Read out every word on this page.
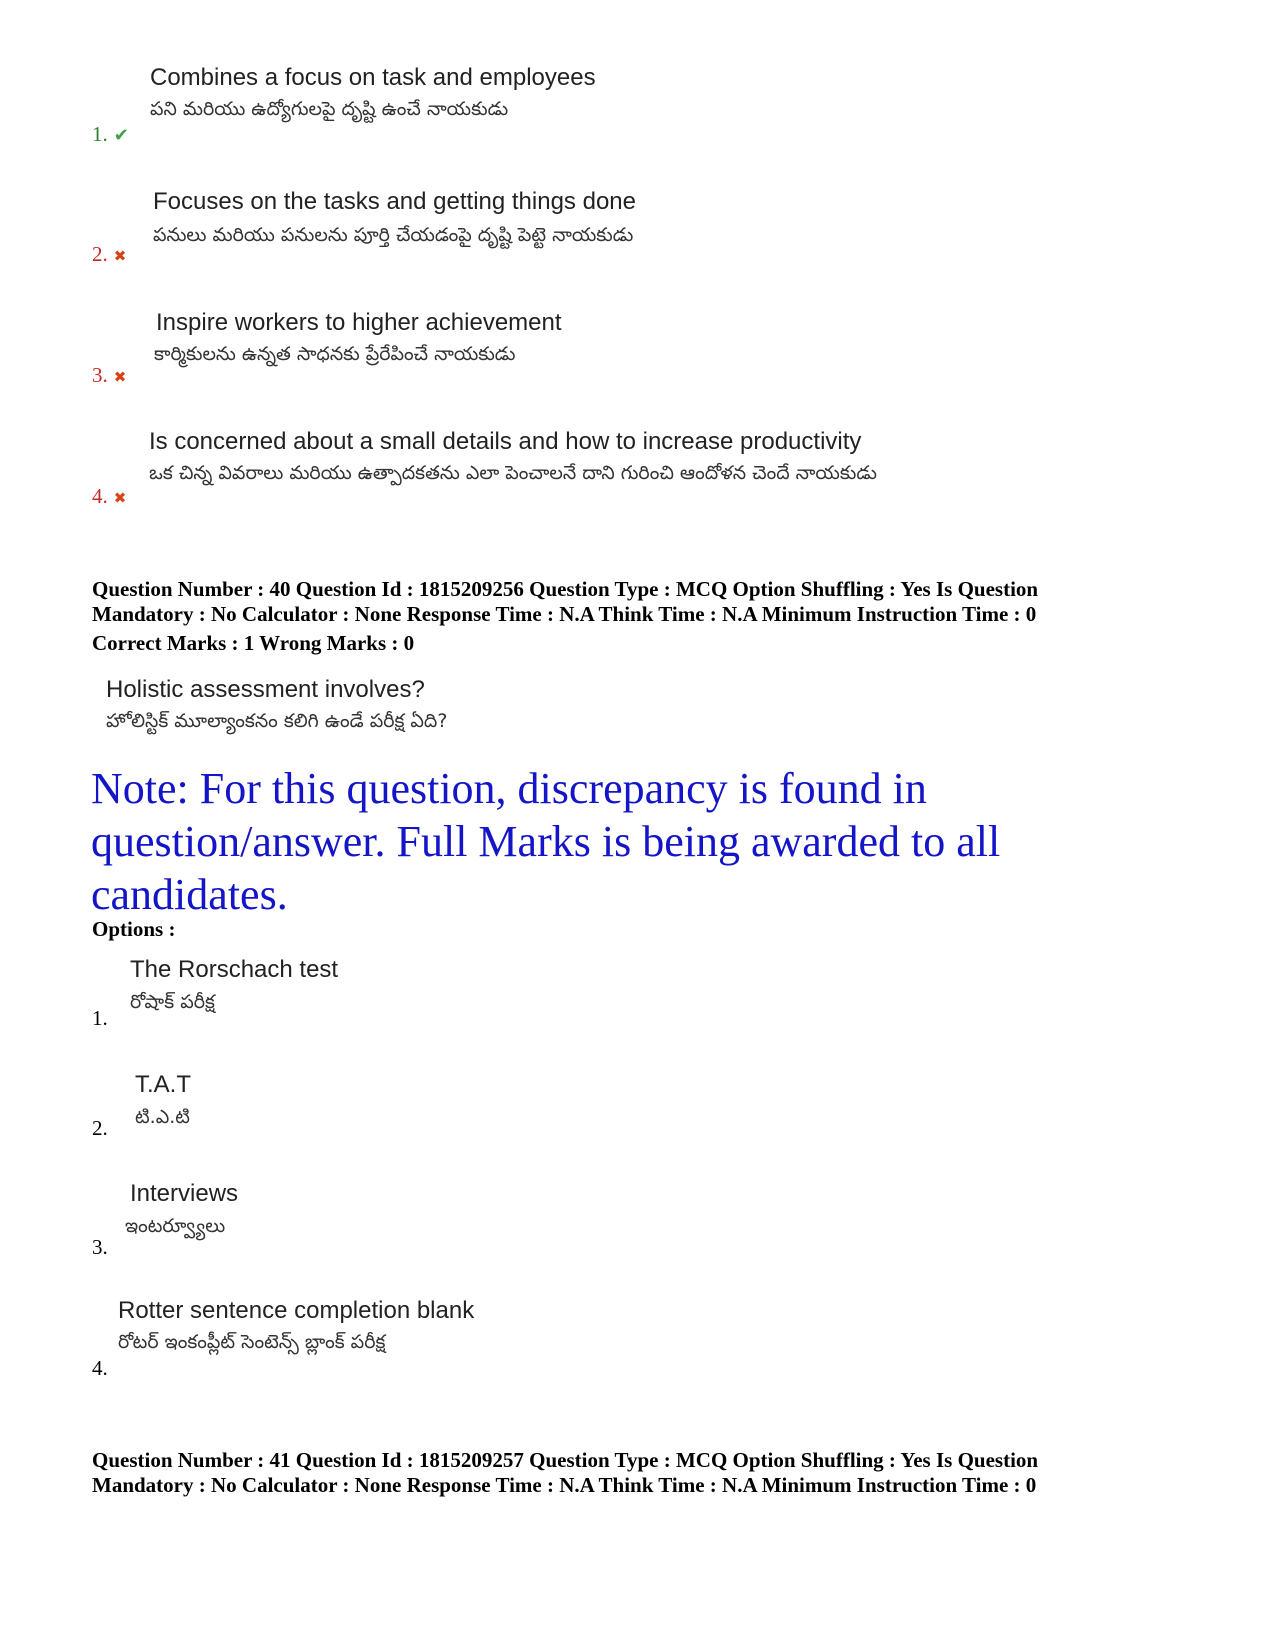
Combines a focus on task and employees
పని మరియు ఉద్యోగులపై దృష్టి ఉంచే నాయకుడు
1. ✔
Focuses on the tasks and getting things done
పనులు మరియు పనులను పూర్తి చేయడంపై దృష్టి పెట్టె నాయకుడు
2. ✖
Inspire workers to higher achievement
కార్మికులను ఉన్నత సాధనకు ప్రేరేపించే నాయకుడు
3. ✖
Is concerned about a small details and how to increase productivity
ఒక చిన్న వివరాలు మరియు ఉత్పాదకతను ఎలా పెంచాలనే దాని గురించి ఆందోళన చెందే నాయకుడు
4. ✖
Question Number : 40 Question Id : 1815209256 Question Type : MCQ Option Shuffling : Yes Is Question
Mandatory : No Calculator : None Response Time : N.A Think Time : N.A Minimum Instruction Time : 0
Correct Marks : 1 Wrong Marks : 0
Holistic assessment involves?
హోలిస్టిక్ మూల్యాంకనం కలిగి ఉండే పరీక్ష ఏది?
Note: For this question, discrepancy is found in
question/answer. Full Marks is being awarded to all
candidates.
Options :
The Rorschach test
రోషాక్ పరీక్ష
1.
T.A.T
టి.ఎ.టి
2.
Interviews
ఇంటర్వ్యూలు
3.
Rotter sentence completion blank
రోటర్ ఇంకంప్లీట్ సెంటెన్స్ బ్లాంక్ పరీక్ష
4.
Question Number : 41 Question Id : 1815209257 Question Type : MCQ Option Shuffling : Yes Is Question
Mandatory : No Calculator : None Response Time : N.A Think Time : N.A Minimum Instruction Time : 0
